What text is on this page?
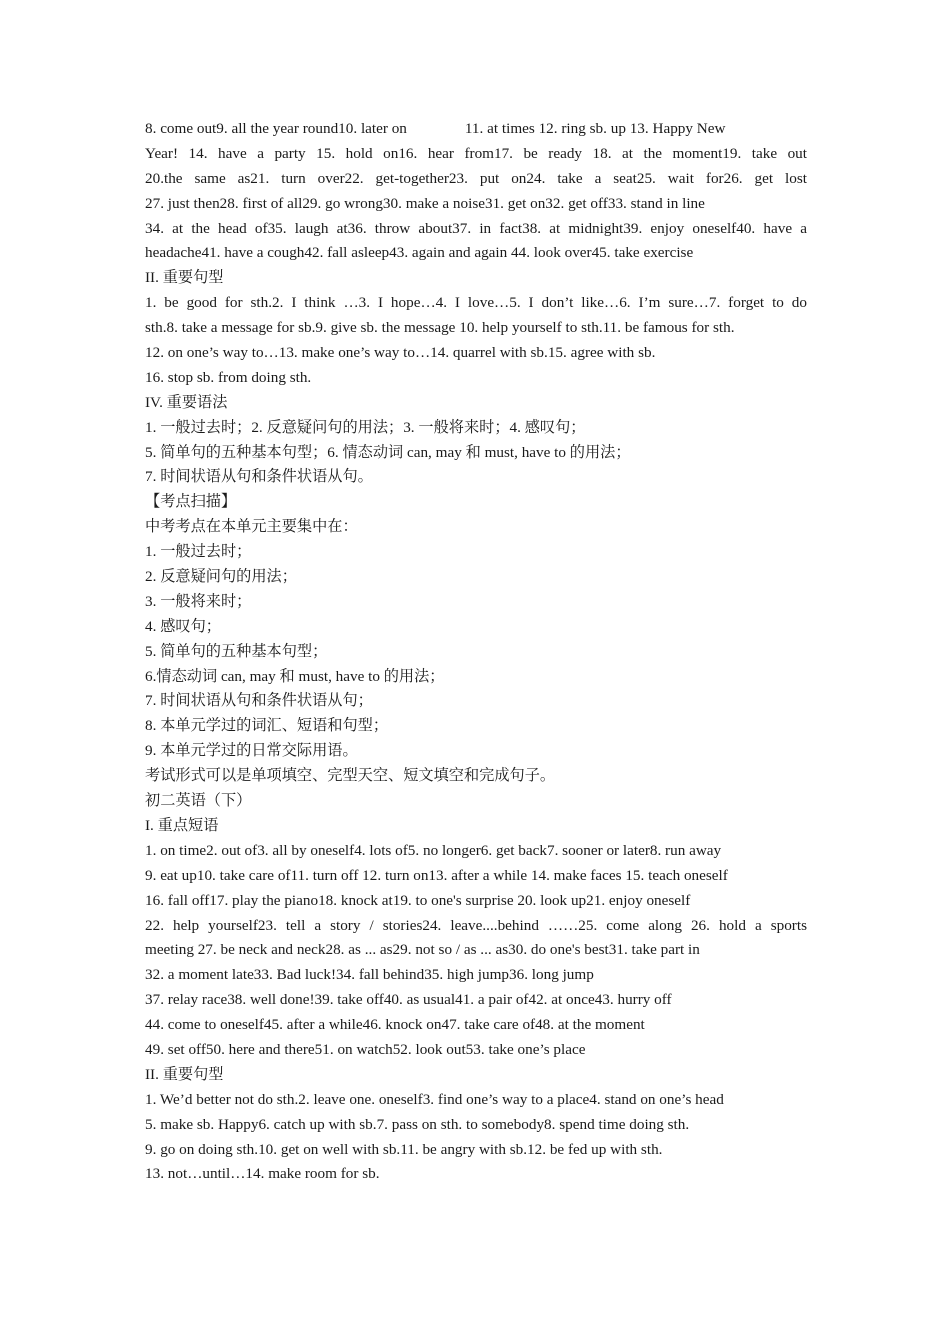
8. come out9. all the year round10. later on	11. at times 12. ring sb. up 13. Happy New
Year! 14. have a party 15. hold on16. hear from17. be ready 18. at the moment19. take out
20.the same as21. turn over22. get-together23. put on24. take a seat25. wait for26. get lost
27. just then28. first of all29. go wrong30. make a noise31. get on32. get off33. stand in line
34. at the head of35. laugh at36. throw about37. in fact38. at midnight39. enjoy oneself40. have a
headache41. have a cough42. fall asleep43. again and again 44. look over45. take exercise
II. 重要句型
1. be good for sth.2. I think …3. I hope…4. I love…5. I don’t like…6. I’m sure…7. forget to do
sth.8. take a message for sb.9. give sb. the message 10. help yourself to sth.11. be famous for sth.
12. on one’s way to…13. make one’s way to…14. quarrel with sb.15. agree with sb.
16. stop sb. from doing sth.
IV. 重要语法
1. 一般过去时；2. 反意疑问句的用法；3. 一般将来时；4. 感叹句；
5. 简单句的五种基本句型；6. 情态动词 can, may 和 must, have to 的用法；
7. 时间状语从句和条件状语从句。
【考点扫描】
中考考点在本单元主要集中在：
1. 一般过去时；
2. 反意疑问句的用法；
3. 一般将来时；
4. 感叹句；
5. 简单句的五种基本句型；
6.情态动词 can, may 和 must, have to 的用法；
7. 时间状语从句和条件状语从句；
8. 本单元学过的词汇、短语和句型；
9. 本单元学过的日常交际用语。
考试形式可以是单项填空、完型天空、短文填空和完成句子。
初二英语（下）
I. 重点短语
1. on time2. out of3. all by oneself4. lots of5. no longer6. get back7. sooner or later8. run away
9. eat up10. take care of11. turn off 12. turn on13. after a while 14. make faces 15. teach oneself
16. fall off17. play the piano18. knock at19. to one's surprise 20. look up21. enjoy oneself
22. help yourself23. tell a story / stories24. leave....behind ……25. come along 26. hold a sports
meeting 27. be neck and neck28. as ... as29. not so / as ... as30. do one's best31. take part in
32. a moment late33. Bad luck!34. fall behind35. high jump36. long jump
37. relay race38. well done!39. take off40. as usual41. a pair of42. at once43. hurry off
44. come to oneself45. after a while46. knock on47. take care of48. at the moment
49. set off50. here and there51. on watch52. look out53. take one’s place
II. 重要句型
1. We’d better not do sth.2. leave one. oneself3. find one’s way to a place4. stand on one’s head
5. make sb. Happy6. catch up with sb.7. pass on sth. to somebody8. spend time doing sth.
9. go on doing sth.10. get on well with sb.11. be angry with sb.12. be fed up with sth.
13. not…until…14. make room for sb.
